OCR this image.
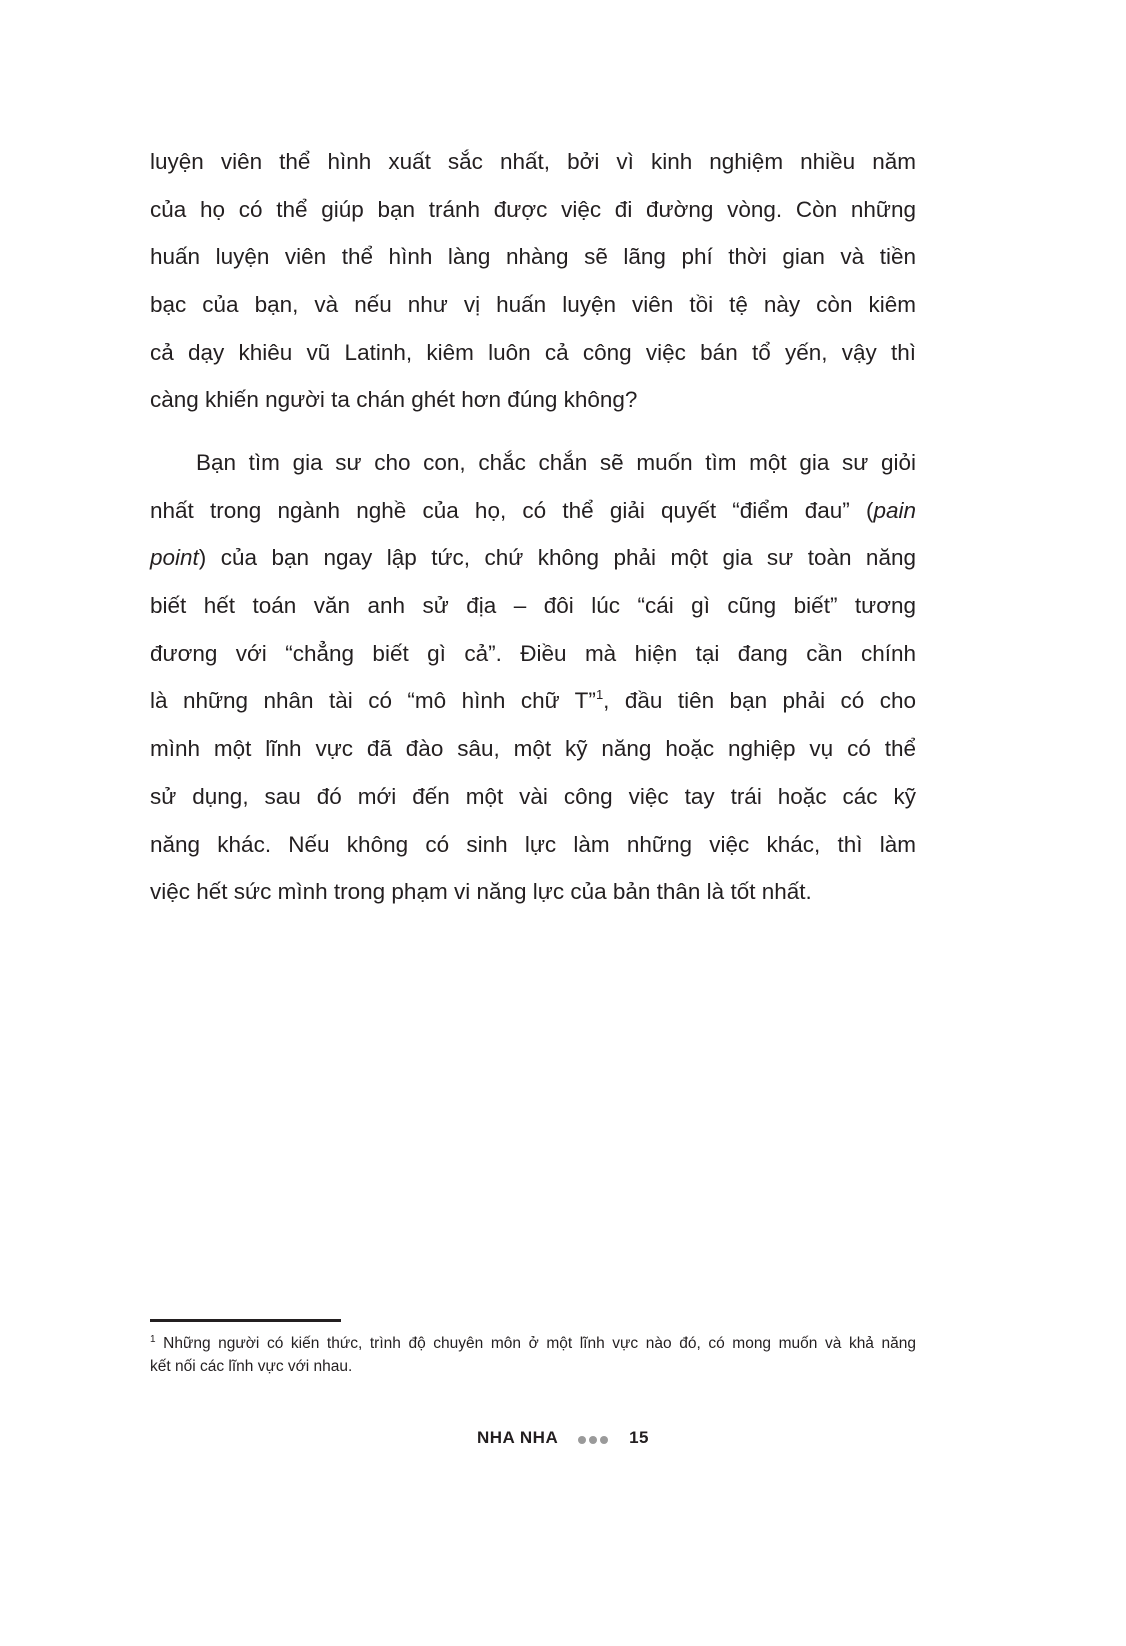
luyện viên thể hình xuất sắc nhất, bởi vì kinh nghiệm nhiều năm
của họ có thể giúp bạn tránh được việc đi đường vòng. Còn những
huấn luyện viên thể hình làng nhàng sẽ lãng phí thời gian và tiền
bạc của bạn, và nếu như vị huấn luyện viên tồi tệ này còn kiêm
cả dạy khiêu vũ Latinh, kiêm luôn cả công việc bán tổ yến, vậy thì
càng khiến người ta chán ghét hơn đúng không?
Bạn tìm gia sư cho con, chắc chắn sẽ muốn tìm một gia sư giỏi
nhất trong ngành nghề của họ, có thể giải quyết “điểm đau” (pain
point) của bạn ngay lập tức, chứ không phải một gia sư toàn năng
biết hết toán văn anh sử địa – đôi lúc “cái gì cũng biết” tương
đương với “chẳng biết gì cả”. Điều mà hiện tại đang cần chính
là những nhân tài có “mô hình chữ T”$^1$, đầu tiên bạn phải có cho
mình một lĩnh vực đã đào sâu, một kỹ năng hoặc nghiệp vụ có thể
sử dụng, sau đó mới đến một vài công việc tay trái hoặc các kỹ
năng khác. Nếu không có sinh lực làm những việc khác, thì làm
việc hết sức mình trong phạm vi năng lực của bản thân là tốt nhất.
$^1$ Những người có kiến thức, trình độ chuyên môn ở một lĩnh vực nào đó, có mong muốn và khả năng
kết nối các lĩnh vực với nhau.
NHA NHA	15
